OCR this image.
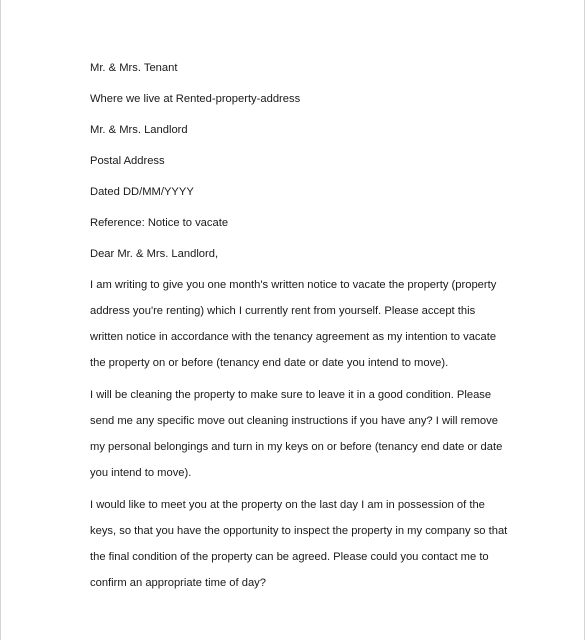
Mr. & Mrs. Tenant
Where we live at Rented-property-address
Mr. & Mrs. Landlord
Postal Address
Dated DD/MM/YYYY
Reference: Notice to vacate
Dear Mr. & Mrs. Landlord,
I am writing to give you one month's written notice to vacate the property (property
address you're renting) which I currently rent from yourself. Please accept this
written notice in accordance with the tenancy agreement as my intention to vacate
the property on or before (tenancy end date or date you intend to move).
I will be cleaning the property to make sure to leave it in a good condition. Please
send me any specific move out cleaning instructions if you have any? I will remove
my personal belongings and turn in my keys on or before (tenancy end date or date
you intend to move).
I would like to meet you at the property on the last day I am in possession of the
keys, so that you have the opportunity to inspect the property in my company so that
the final condition of the property can be agreed. Please could you contact me to
confirm an appropriate time of day?
